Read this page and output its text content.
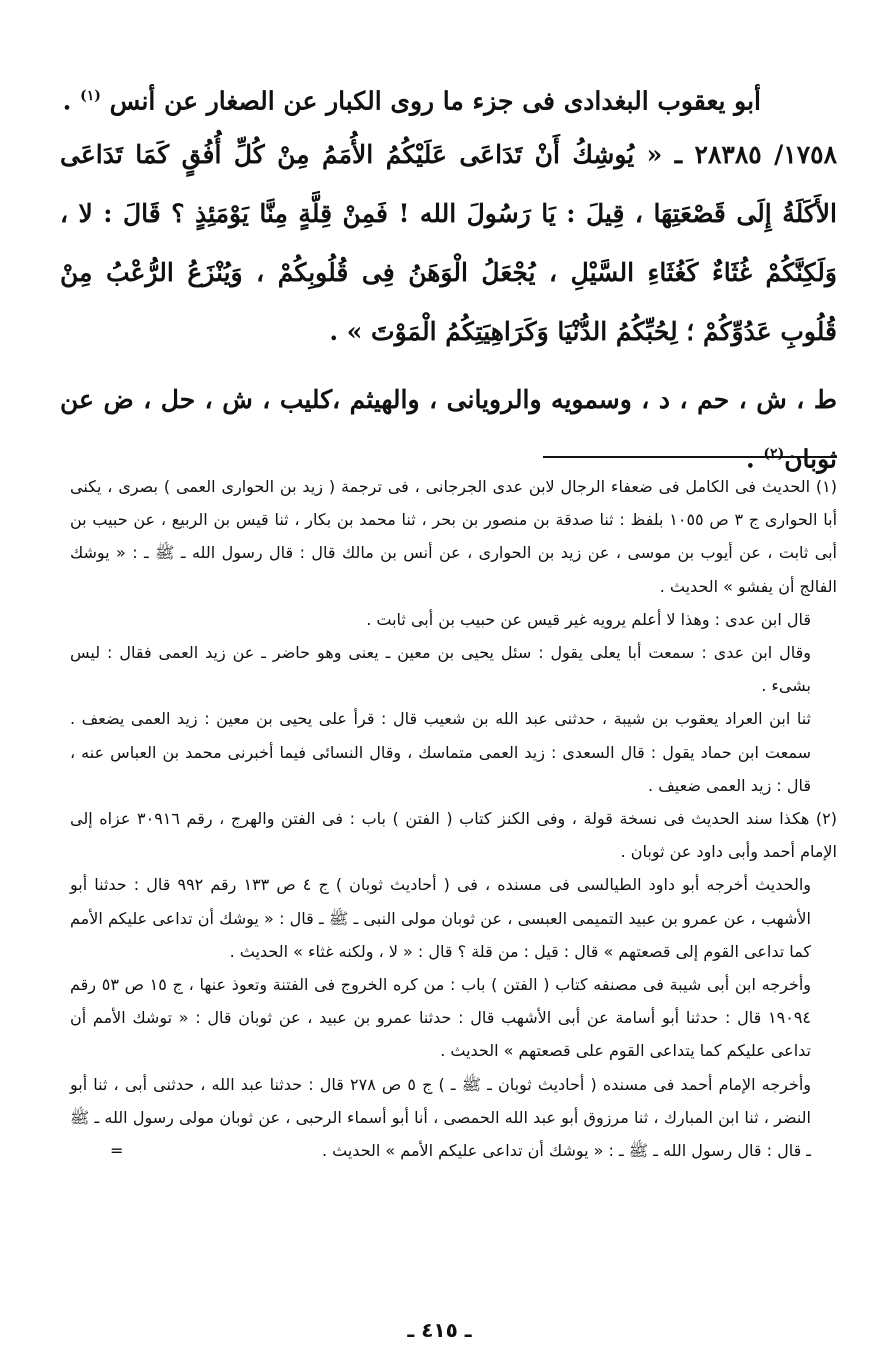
أبو يعقوب البغدادى فى جزء ما روى الكبار عن الصغار عن أنس $^{(١)}$ .

١٧٥٨/ ٢٨٣٨٥ ـ « يُوشِكُ أَنْ تَدَاعَى عَلَيْكُمُ الأُمَمُ مِنْ كُلِّ أُفُقٍ كَمَا تَدَاعَى الأَكَلَةُ إِلَى قَصْعَتِهَا ، قِيلَ : يَا رَسُولَ الله ! فَمِنْ قِلَّةٍ مِنَّا يَوْمَئِذٍ ؟ قَالَ : لا ، وَلَكِنَّكُمْ غُثَاءٌ كَغُثَاءِ السَّيْلِ ، يُجْعَلُ الْوَهَنُ فِى قُلُوبِكُمْ ، وَيُنْزَعُ الرُّعْبُ مِنْ قُلُوبِ عَدُوِّكُمْ ؛ لِحُبِّكُمُ الدُّنْيَا وَكَرَاهِيَتِكُمُ الْمَوْتَ » .

ط ، ش ، حم ، د ، وسمويه والرويانى ، والهيثم ،كليب ، ش ، حل ، ض عن ثوبان$^{(٢)}$ .

(١) الحديث فى الكامل فى ضعفاء الرجال لابن عدى الجرجانى ، فى ترجمة ( زيد بن الحوارى العمى ) بصرى ، يكنى أبا الحوارى ج ٣ ص ١٠٥٥ بلفظ : ثنا صدقة بن منصور بن بحر ، ثنا محمد بن بكار ، ثنا قيس بن الربيع ، عن حبيب بن أبى ثابت ، عن أيوب بن موسى ، عن زيد بن الحوارى ، عن أنس بن مالك قال : قال رسول الله ـ ﷺ ـ : « يوشك الفالج أن يفشو » الحديث .

قال ابن عدى : وهذا لا أعلم يرويه غير قيس عن حبيب بن أبى ثابت .

وقال ابن عدى : سمعت أبا يعلى يقول : سئل يحيى بن معين ـ يعنى وهو حاضر ـ عن زيد العمى فقال : ليس بشىء .

ثنا ابن العراد يعقوب بن شيبة ، حدثنى عبد الله بن شعيب قال : قرأ على يحيى بن معين : زيد العمى يضعف . سمعت ابن حماد يقول : قال السعدى : زيد العمى متماسك ، وقال النسائى فيما أخبرنى محمد بن العباس عنه ، قال : زيد العمى ضعيف .

(٢) هكذا سند الحديث فى نسخة قولة ، وفى الكنز كتاب ( الفتن ) باب : فى الفتن والهرج ، رقم ٣٠٩١٦ عزاه إلى الإمام أحمد وأبى داود عن ثوبان .

والحديث أخرجه أبو داود الطيالسى فى مسنده ، فى ( أحاديث ثوبان ) ج ٤ ص ١٣٣ رقم ٩٩٢ قال : حدثنا أبو الأشهب ، عن عمرو بن عبيد التميمى العبسى ، عن ثوبان مولى النبى ـ ﷺ ـ قال : « يوشك أن تداعى عليكم الأمم كما تداعى القوم إلى قصعتهم » قال : قيل : من قلة ؟ قال : « لا ، ولكنه غثاء » الحديث .

وأخرجه ابن أبى شيبة فى مصنفه كتاب ( الفتن ) باب : من كره الخروج فى الفتنة وتعوذ عنها ، ج ١٥ ص ٥٣ رقم ١٩٠٩٤ قال : حدثنا أبو أسامة عن أبى الأشهب قال : حدثنا عمرو بن عبيد ، عن ثوبان قال : « توشك الأمم أن تداعى عليكم كما يتداعى القوم على قصعتهم » الحديث .

وأخرجه الإمام أحمد فى مسنده ( أحاديث ثوبان ـ ﷺ ـ ) ج ٥ ص ٢٧٨ قال : حدثنا عبد الله ، حدثنى أبى ، ثنا أبو النضر ، ثنا ابن المبارك ، ثنا مرزوق أبو عبد الله الحمصى ، أنا أبو أسماء الرحبى ، عن ثوبان مولى رسول الله ـ ﷺ ـ قال : قال رسول الله ـ ﷺ ـ : « يوشك أن تداعى عليكم الأمم » الحديث .
=

ـ ٤١٥ ـ
